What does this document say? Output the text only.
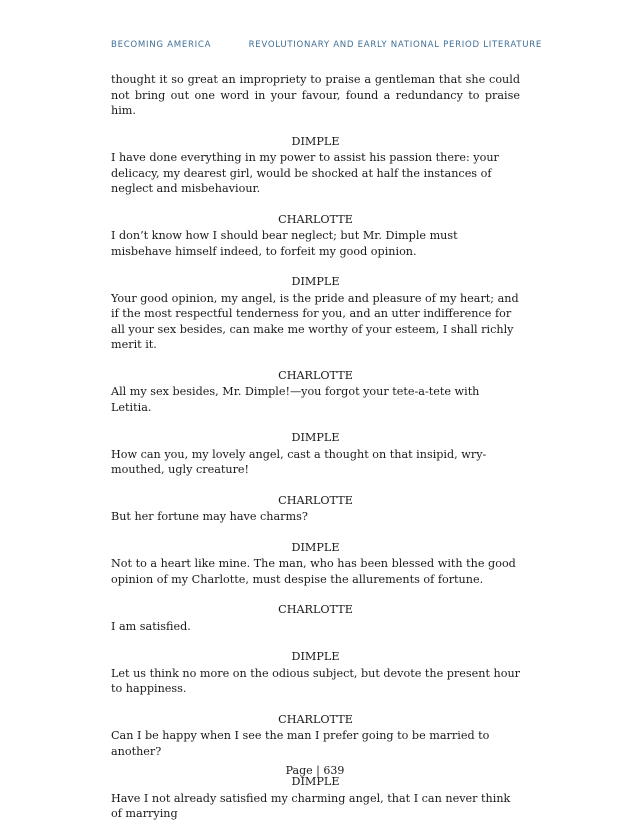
BECOMING AMERICA	REVOLUTIONARY AND EARLY NATIONAL PERIOD LITERATURE

thought it so great an impropriety to praise a gentleman that she could not bring out one word in your favour, found a redundancy to praise him.

DIMPLE

I have done everything in my power to assist his passion there: your delicacy, my dearest girl, would be shocked at half the instances of neglect and misbehaviour.

CHARLOTTE

I don’t know how I should bear neglect; but Mr. Dimple must misbehave himself indeed, to forfeit my good opinion.

DIMPLE

Your good opinion, my angel, is the pride and pleasure of my heart; and if the most respectful tenderness for you, and an utter indifference for all your sex besides, can make me worthy of your esteem, I shall richly merit it.

CHARLOTTE

All my sex besides, Mr. Dimple!—you forgot your tete-a-tete with Letitia.

DIMPLE

How can you, my lovely angel, cast a thought on that insipid, wry-mouthed, ugly creature!

CHARLOTTE

But her fortune may have charms?

DIMPLE

Not to a heart like mine. The man, who has been blessed with the good opinion of my Charlotte, must despise the allurements of fortune.

CHARLOTTE

I am satisfied.

DIMPLE

Let us think no more on the odious subject, but devote the present hour to happiness.

CHARLOTTE

Can I be happy when I see the man I prefer going to be married to another?

DIMPLE

Have I not already satisfied my charming angel, that I can never think of marrying

Page | 639
